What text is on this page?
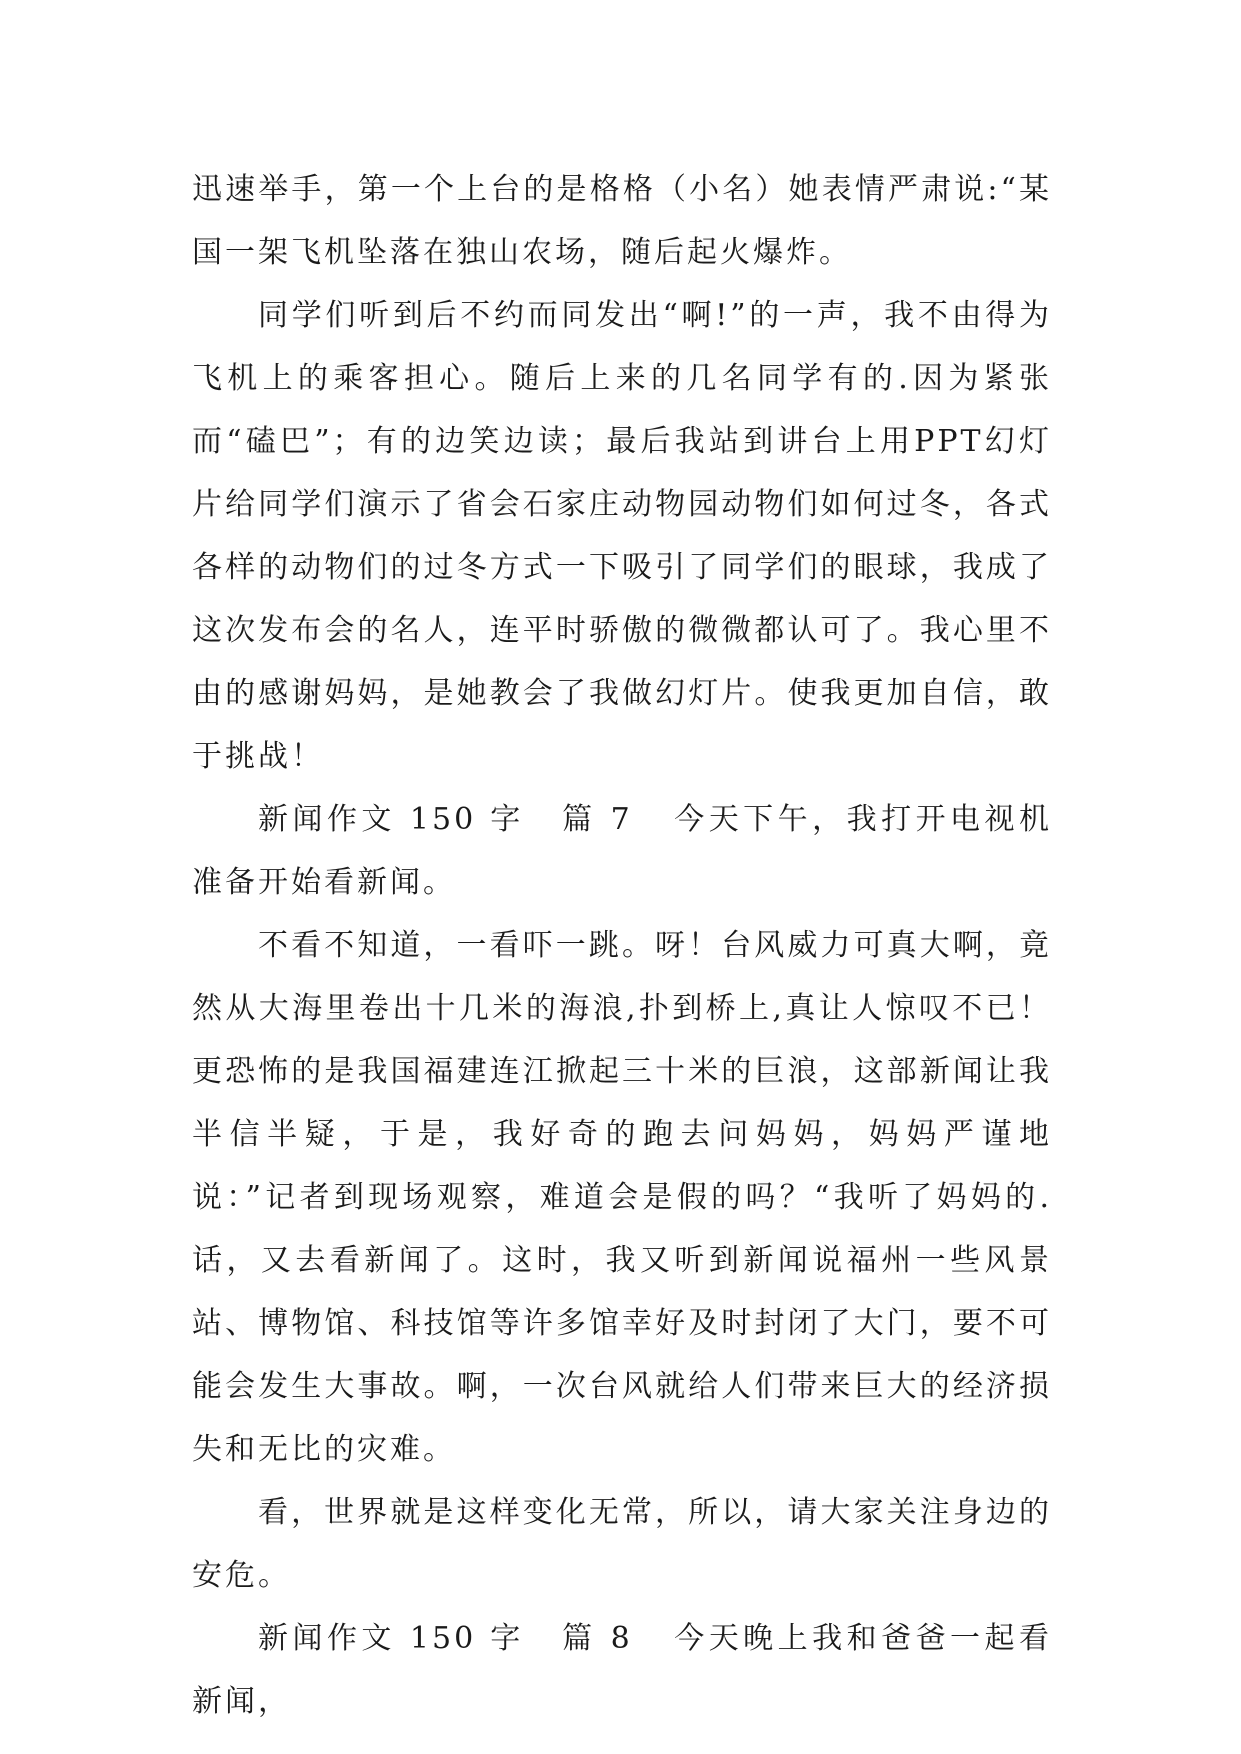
迅速举手，第一个上台的是格格（小名）她表情严肃说:“某国一架飞机坠落在独山农场，随后起火爆炸。

同学们听到后不约而同发出“啊!”的一声，我不由得为飞机上的乘客担心。随后上来的几名同学有的.因为紧张而“磕巴”；有的边笑边读；最后我站到讲台上用PPT幻灯片给同学们演示了省会石家庄动物园动物们如何过冬，各式各样的动物们的过冬方式一下吸引了同学们的眼球，我成了这次发布会的名人，连平时骄傲的微微都认可了。我心里不由的感谢妈妈，是她教会了我做幻灯片。使我更加自信，敢于挑战！

新闻作文 150 字 篇 7 今天下午，我打开电视机准备开始看新闻。

不看不知道，一看吓一跳。呀！台风威力可真大啊，竟然从大海里卷出十几米的海浪,扑到桥上,真让人惊叹不已！更恐怖的是我国福建连江掀起三十米的巨浪，这部新闻让我半信半疑，于是，我好奇的跑去问妈妈，妈妈严谨地说：”记者到现场观察，难道会是假的吗？“我听了妈妈的.话，又去看新闻了。这时，我又听到新闻说福州一些风景站、博物馆、科技馆等许多馆幸好及时封闭了大门，要不可能会发生大事故。啊，一次台风就给人们带来巨大的经济损失和无比的灾难。

看，世界就是这样变化无常，所以，请大家关注身边的安危。

新闻作文 150 字 篇 8 今天晚上我和爸爸一起看新闻，
